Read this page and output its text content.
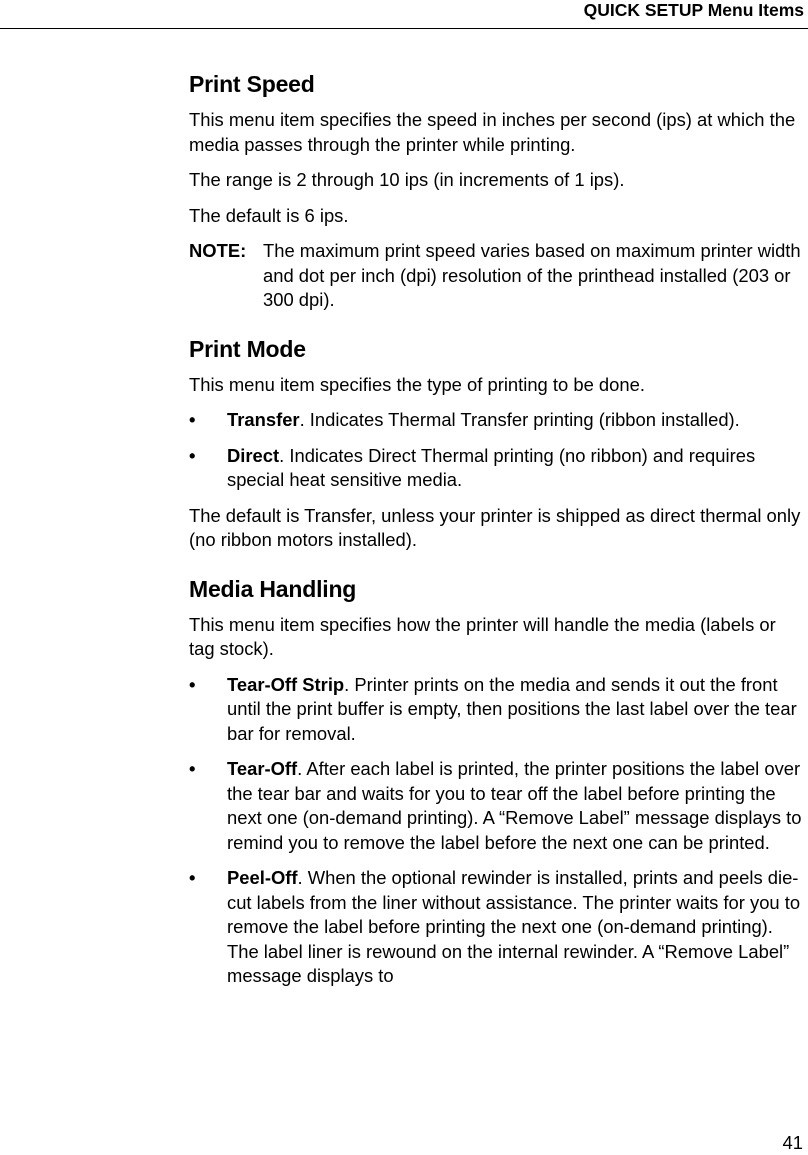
QUICK SETUP Menu Items
Print Speed

This menu item specifies the speed in inches per second (ips) at which the media passes through the printer while printing.

The range is 2 through 10 ips (in increments of 1 ips).

The default is 6 ips.

NOTE: The maximum print speed varies based on maximum printer width and dot per inch (dpi) resolution of the printhead installed (203 or 300 dpi).
Print Mode

This menu item specifies the type of printing to be done.

•	Transfer. Indicates Thermal Transfer printing (ribbon installed).
•	Direct. Indicates Direct Thermal printing (no ribbon) and requires special heat sensitive media.

The default is Transfer, unless your printer is shipped as direct thermal only (no ribbon motors installed).

Media Handling

This menu item specifies how the printer will handle the media (labels or tag stock).

•	Tear-Off Strip. Printer prints on the media and sends it out the front until the print buffer is empty, then positions the last label over the tear bar for removal.
•	Tear-Off. After each label is printed, the printer positions the label over the tear bar and waits for you to tear off the label before printing the next one (on-demand printing). A “Remove Label” message displays to remind you to remove the label before the next one can be printed.
•	Peel-Off. When the optional rewinder is installed, prints and peels die-cut labels from the liner without assistance. The printer waits for you to remove the label before printing the next one (on-demand printing). The label liner is rewound on the internal rewinder. A “Remove Label” message displays to
41
